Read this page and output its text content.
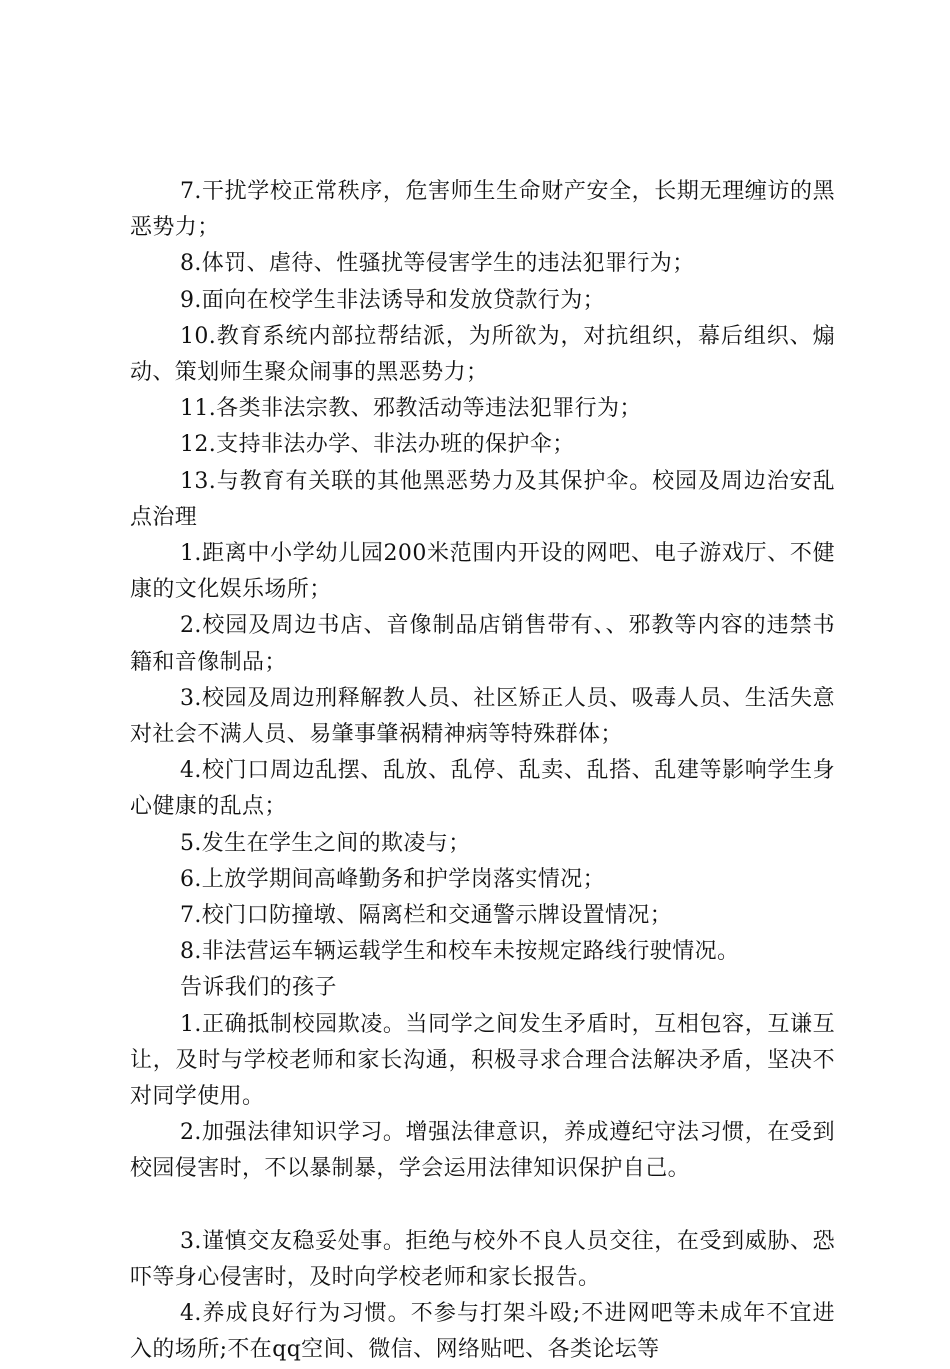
7.干扰学校正常秩序，危害师生生命财产安全，长期无理缠访的黑恶势力；

8.体罚、虐待、性骚扰等侵害学生的违法犯罪行为；

9.面向在校学生非法诱导和发放贷款行为；

10.教育系统内部拉帮结派，为所欲为，对抗组织，幕后组织、煽动、策划师生聚众闹事的黑恶势力；

11.各类非法宗教、邪教活动等违法犯罪行为；

12.支持非法办学、非法办班的保护伞；

13.与教育有关联的其他黑恶势力及其保护伞。校园及周边治安乱点治理

1.距离中小学幼儿园200米范围内开设的网吧、电子游戏厅、不健康的文化娱乐场所；

2.校园及周边书店、音像制品店销售带有、、邪教等内容的违禁书籍和音像制品；

3.校园及周边刑释解教人员、社区矫正人员、吸毒人员、生活失意对社会不满人员、易肇事肇祸精神病等特殊群体；

4.校门口周边乱摆、乱放、乱停、乱卖、乱搭、乱建等影响学生身心健康的乱点；

5.发生在学生之间的欺凌与；

6.上放学期间高峰勤务和护学岗落实情况；

7.校门口防撞墩、隔离栏和交通警示牌设置情况；

8.非法营运车辆运载学生和校车未按规定路线行驶情况。

告诉我们的孩子

1.正确抵制校园欺凌。当同学之间发生矛盾时，互相包容，互谦互让，及时与学校老师和家长沟通，积极寻求合理合法解决矛盾，坚决不对同学使用。

2.加强法律知识学习。增强法律意识，养成遵纪守法习惯，在受到校园侵害时，不以暴制暴，学会运用法律知识保护自己。

3.谨慎交友稳妥处事。拒绝与校外不良人员交往，在受到威胁、恐吓等身心侵害时，及时向学校老师和家长报告。

4.养成良好行为习惯。不参与打架斗殴;不进网吧等未成年不宜进入的场所;不在qq空间、微信、网络贴吧、各类论坛等
